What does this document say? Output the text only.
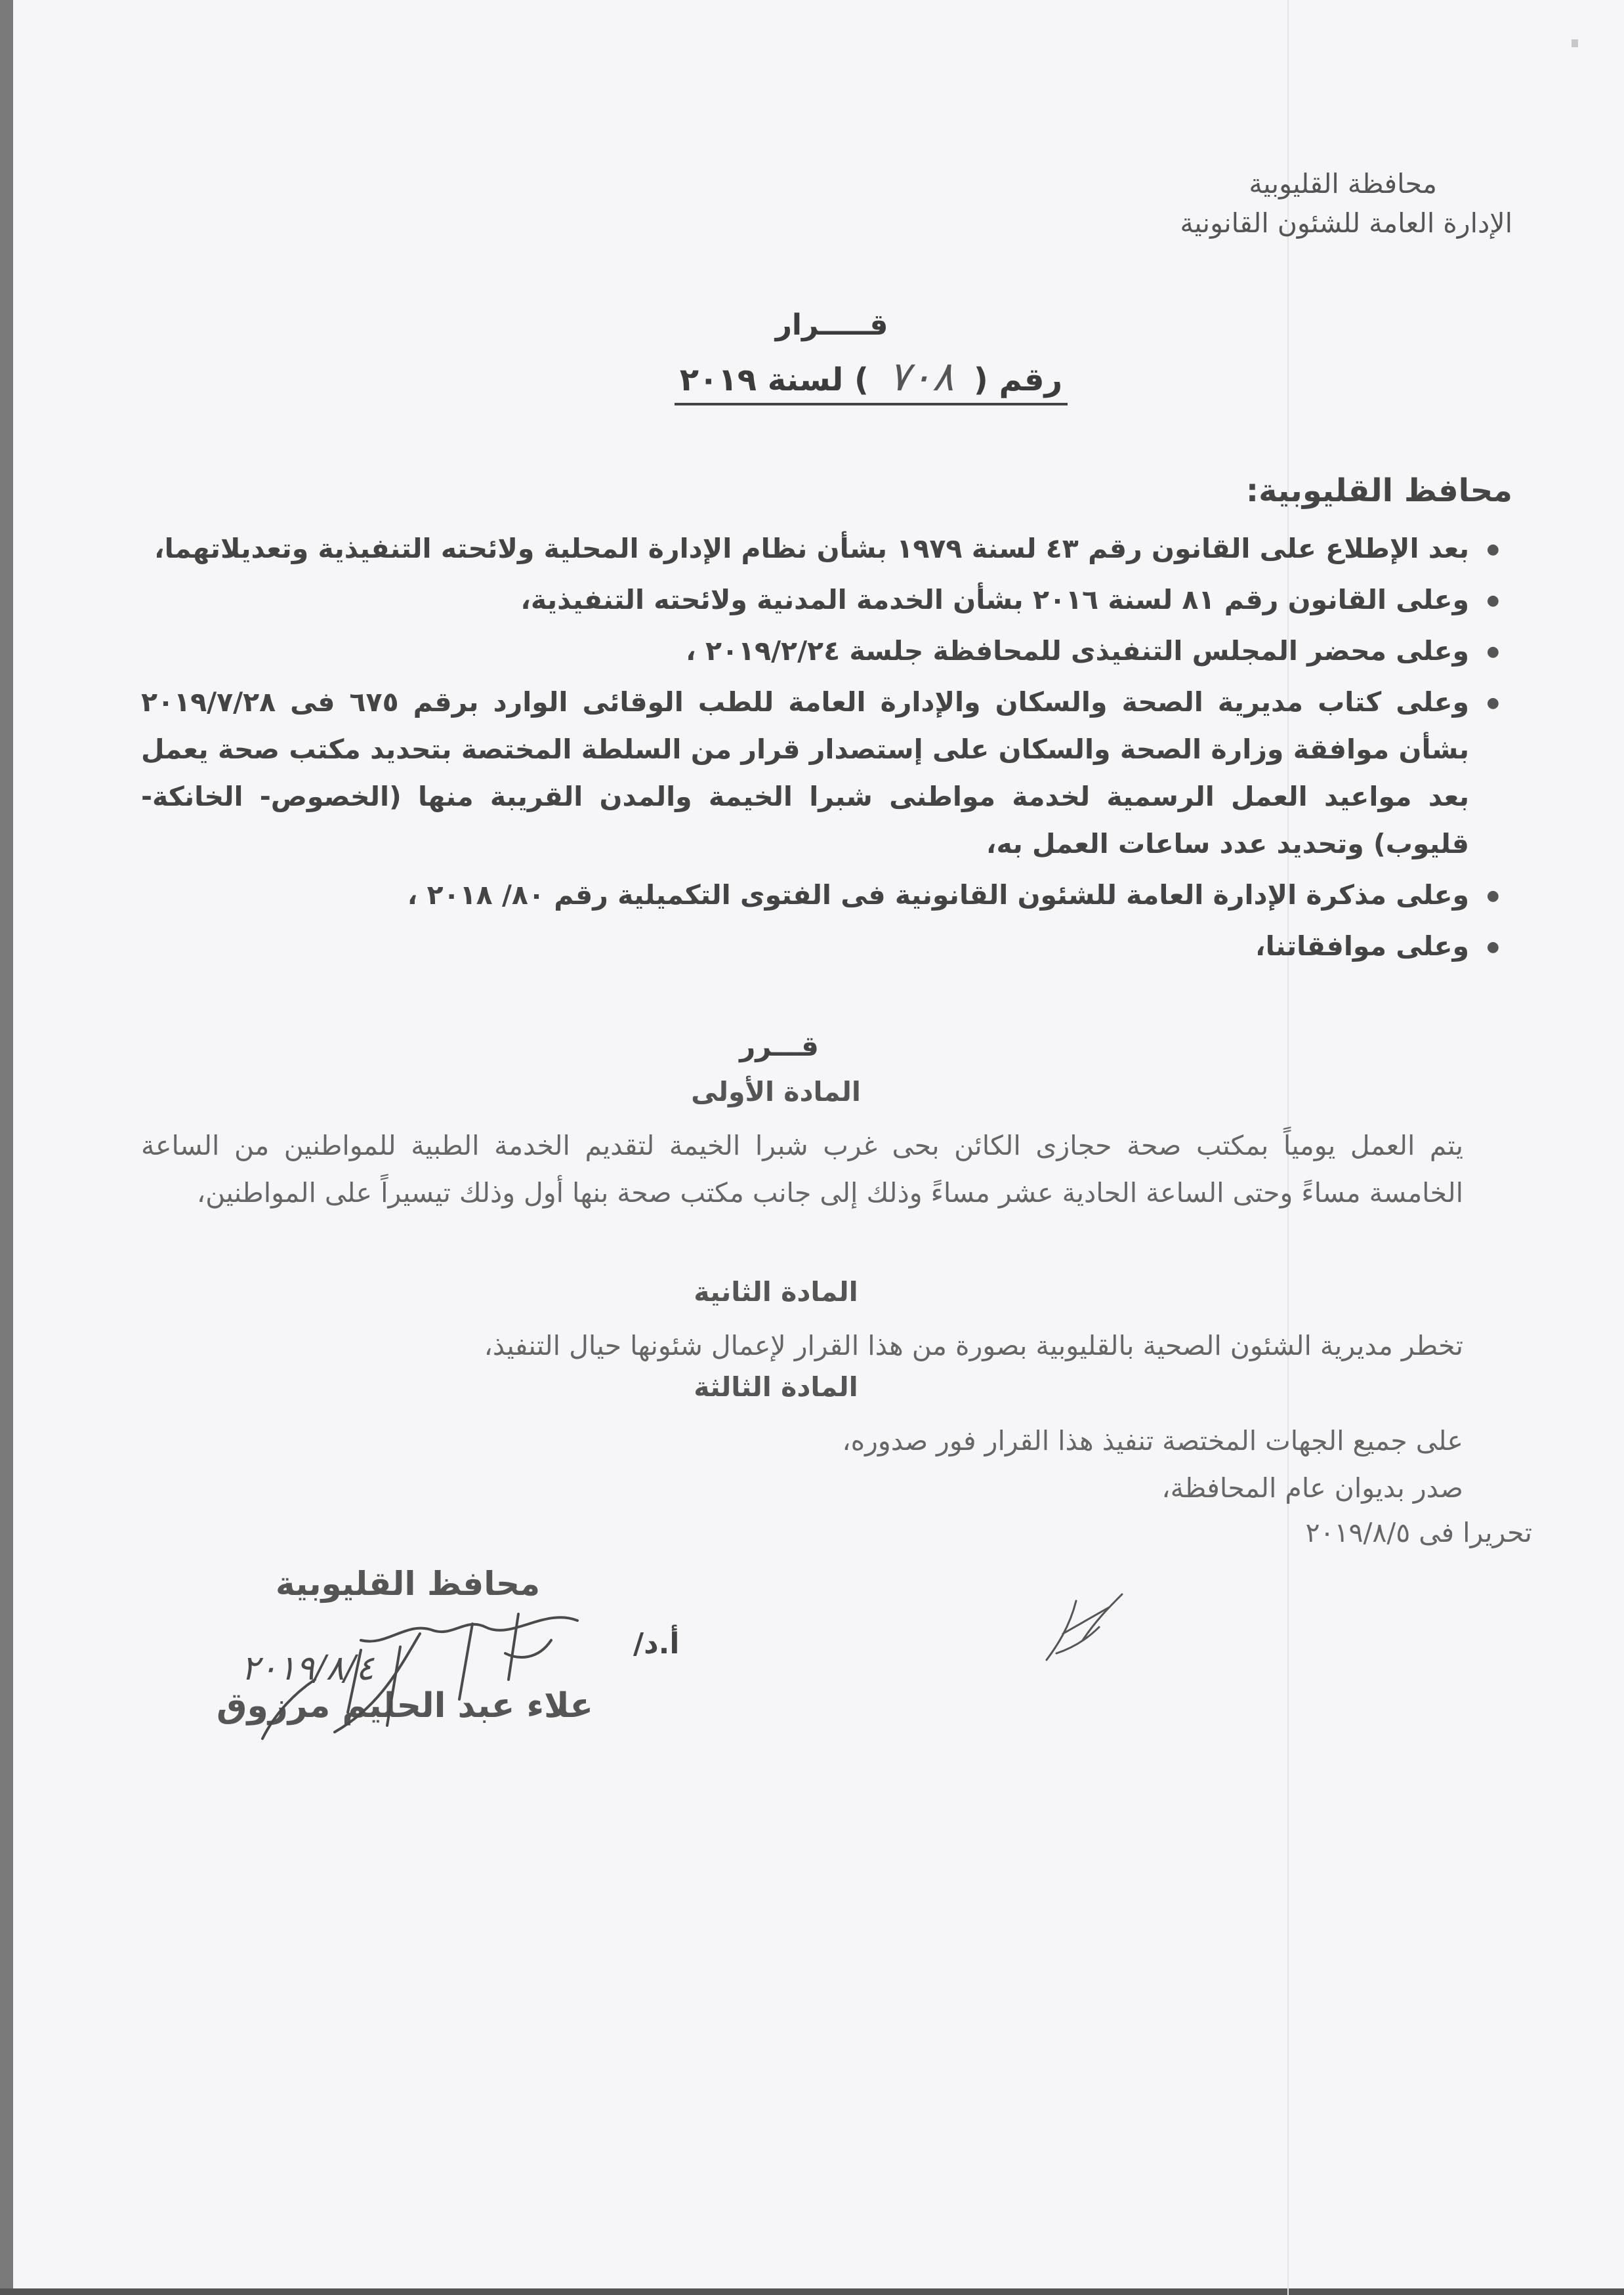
محافظة القليوبية
الإدارة العامة للشئون القانونية
قـــــرار
رقم (٧٠٨) لسنة ٢٠١٩
محافظ القليوبية:
● بعد الإطلاع على القانون رقم ٤٣ لسنة ١٩٧٩ بشأن نظام الإدارة المحلية ولائحته التنفيذية وتعديلاتهما،
● وعلى القانون رقم ٨١ لسنة ٢٠١٦ بشأن الخدمة المدنية ولائحته التنفيذية،
● وعلى محضر المجلس التنفيذى للمحافظة جلسة ٢٠١٩/٢/٢٤ ،
● وعلى كتاب مديرية الصحة والسكان والإدارة العامة للطب الوقائى الوارد برقم ٦٧٥ فى ٢٠١٩/٧/٢٨ بشأن موافقة وزارة الصحة والسكان على إستصدار قرار من السلطة المختصة بتحديد مكتب صحة يعمل بعد مواعيد العمل الرسمية لخدمة مواطنى شبرا الخيمة والمدن القريبة منها (الخصوص- الخانكة- قليوب) وتحديد عدد ساعات العمل به،
● وعلى مذكرة الإدارة العامة للشئون القانونية فى الفتوى التكميلية رقم ٨٠/ ٢٠١٨ ،
● وعلى موافقاتنا،
قـــرر
المادة الأولى
يتم العمل يومياً بمكتب صحة حجازى الكائن بحى غرب شبرا الخيمة لتقديم الخدمة الطبية للمواطنين من الساعة الخامسة مساءً وحتى الساعة الحادية عشر مساءً وذلك إلى جانب مكتب صحة بنها أول وذلك تيسيراً على المواطنين،
المادة الثانية
تخطر مديرية الشئون الصحية بالقليوبية بصورة من هذا القرار لإعمال شئونها حيال التنفيذ،
المادة الثالثة
على جميع الجهات المختصة تنفيذ هذا القرار فور صدوره،
صدر بديوان عام المحافظة،
تحريرا فى ٢٠١٩/٨/٥
محافظ القليوبية
أ.د/
علاء عبد الحليم مرزوق
٢٠١٩/٨/٤
